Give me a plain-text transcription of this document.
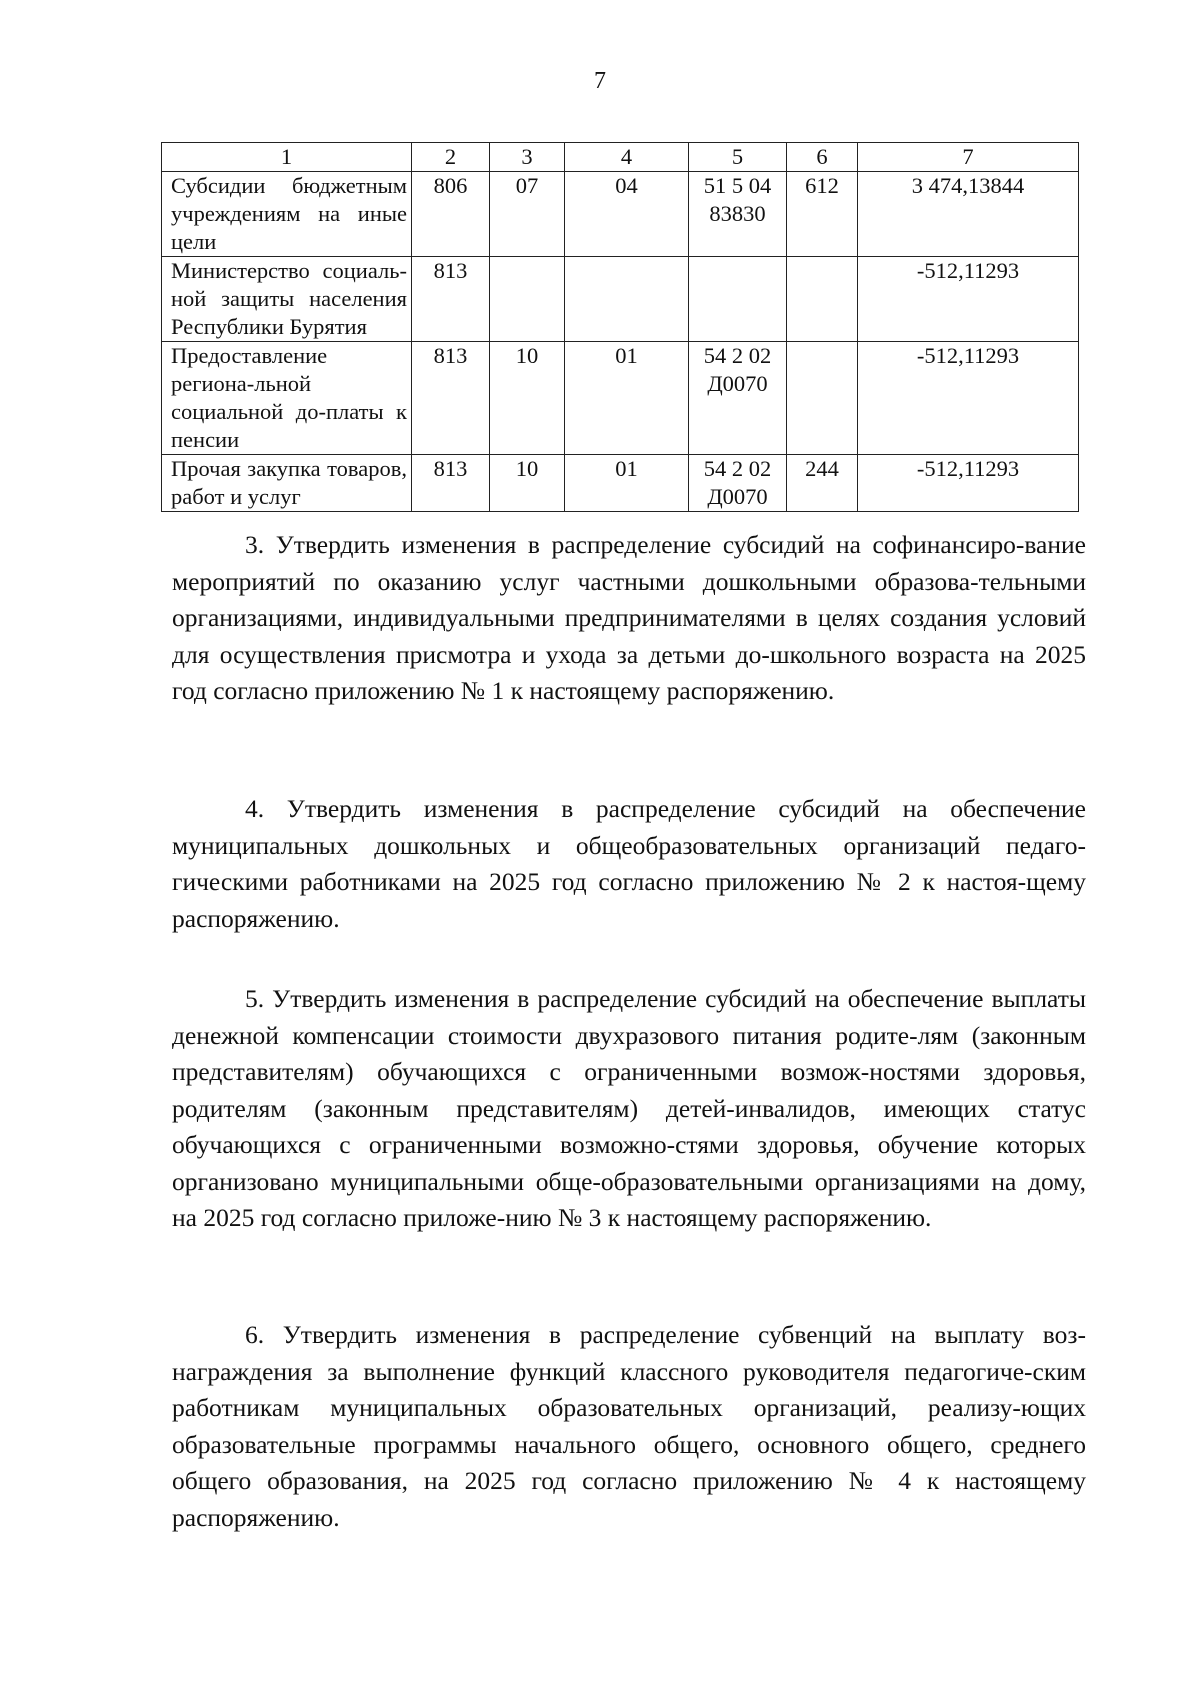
7
1	2	3	4	5	6	7
Субсидии бюджетным учреждениям на иные цели	806	07	04	51 5 04 83830	612	3 474,13844
Министерство социаль-ной защиты населения Республики Бурятия	813					-512,11293
Предоставление региона-льной социальной до-платы к пенсии	813	10	01	54 2 02 Д0070		-512,11293
Прочая закупка товаров, работ и услуг	813	10	01	54 2 02 Д0070	244	-512,11293

3. Утвердить изменения в распределение субсидий на софинансиро-вание мероприятий по оказанию услуг частными дошкольными образова-тельными организациями, индивидуальными предпринимателями в целях создания условий для осуществления присмотра и ухода за детьми до-школьного возраста на 2025 год согласно приложению № 1 к настоящему распоряжению.

4. Утвердить изменения в распределение субсидий на обеспечение муниципальных дошкольных и общеобразовательных организаций педаго-гическими работниками на 2025 год согласно приложению № 2 к настоя-щему распоряжению.

5. Утвердить изменения в распределение субсидий на обеспечение выплаты денежной компенсации стоимости двухразового питания родите-лям (законным представителям) обучающихся с ограниченными возмож-ностями здоровья, родителям (законным представителям) детей-инвалидов, имеющих статус обучающихся с ограниченными возможно-стями здоровья, обучение которых организовано муниципальными обще-образовательными организациями на дому, на 2025 год согласно приложе-нию № 3 к настоящему распоряжению.

6. Утвердить изменения в распределение субвенций на выплату воз-награждения за выполнение функций классного руководителя педагогиче-ским работникам муниципальных образовательных организаций, реализу-ющих образовательные программы начального общего, основного общего, среднего общего образования, на 2025 год согласно приложению № 4 к настоящему распоряжению.
